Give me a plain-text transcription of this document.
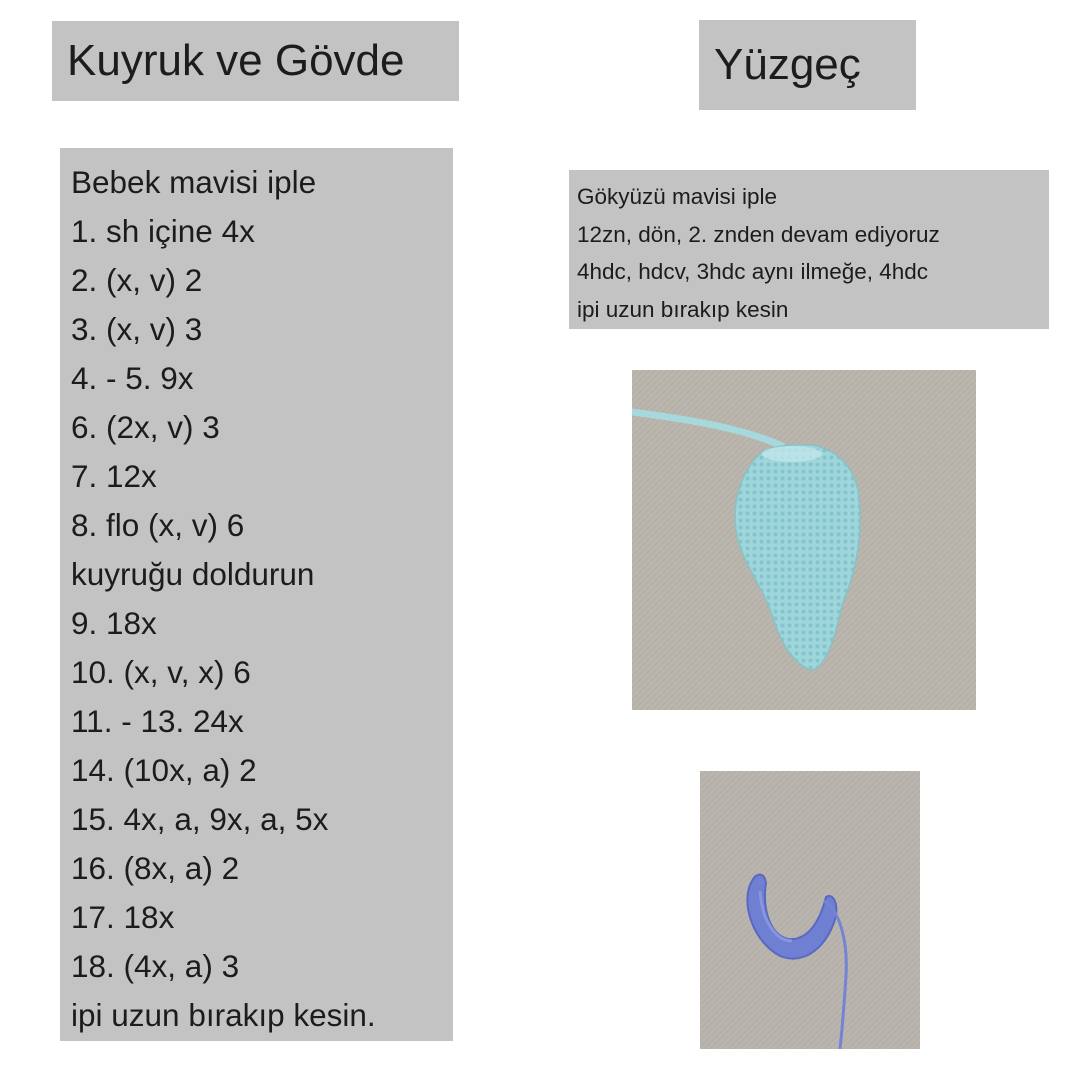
Kuyruk ve Gövde	Yüzgeç
Bebek mavisi iple
1. sh içine 4x
2. (x, v) 2
3. (x, v) 3
4. - 5. 9x
6. (2x, v) 3
7. 12x
8. flo (x, v) 6
kuyruğu doldurun
9. 18x
10. (x, v, x) 6
11. - 13. 24x
14. (10x, a) 2
15. 4x, a, 9x, a, 5x
16. (8x, a) 2
17. 18x
18. (4x, a) 3
ipi uzun bırakıp kesin.
Gökyüzü mavisi iple
12zn, dön, 2. znden devam ediyoruz
4hdc, hdcv, 3hdc aynı ilmeğe, 4hdc
ipi uzun bırakıp kesin
